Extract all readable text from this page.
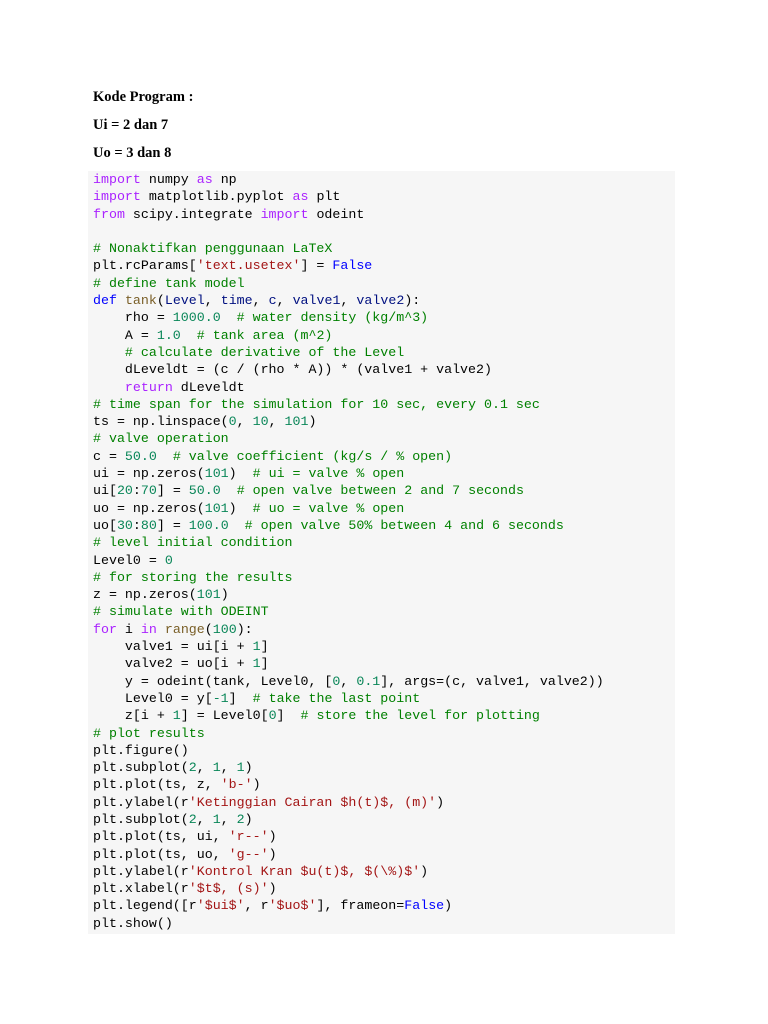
Kode Program :

Ui = 2 dan 7

Uo = 3 dan 8

import numpy as np
import matplotlib.pyplot as plt
from scipy.integrate import odeint

# Nonaktifkan penggunaan LaTeX
plt.rcParams['text.usetex'] = False
# define tank model
def tank(Level, time, c, valve1, valve2):
rho = 1000.0 # water density (kg/m^3)
A = 1.0 # tank area (m^2)
# calculate derivative of the Level
dLeveldt = (c / (rho * A)) * (valve1 + valve2)
return dLeveldt
# time span for the simulation for 10 sec, every 0.1 sec
ts = np.linspace(0, 10, 101)
# valve operation
c = 50.0 # valve coefficient (kg/s / % open)
ui = np.zeros(101)  # ui = valve % open
ui[20:70] = 50.0 # open valve between 2 and 7 seconds
uo = np.zeros(101)  # uo = valve % open
uo[30:80] = 100.0 # open valve 50% between 4 and 6 seconds
# level initial condition
Level0 = 0
# for storing the results
z = np.zeros(101)
# simulate with ODEINT
for i in range(100):
valve1 = ui[i + 1]
valve2 = uo[i + 1]
y = odeint(tank, Level0, [0, 0.1], args=(c, valve1, valve2))
Level0 = y[-1]  # take the last point
z[i + 1] = Level0[0]  # store the level for plotting
# plot results
plt.figure()
plt.subplot(2, 1, 1)
plt.plot(ts, z, 'b-')
plt.ylabel(r'Ketinggian Cairan $h(t)$, (m)')
plt.subplot(2, 1, 2)
plt.plot(ts, ui, 'r--')
plt.plot(ts, uo, 'g--')
plt.ylabel(r'Kontrol Kran $u(t)$, $(\%)$')
plt.xlabel(r'$t$, (s)')
plt.legend([r'$ui$', r'$uo$'], frameon=False)
plt.show()
